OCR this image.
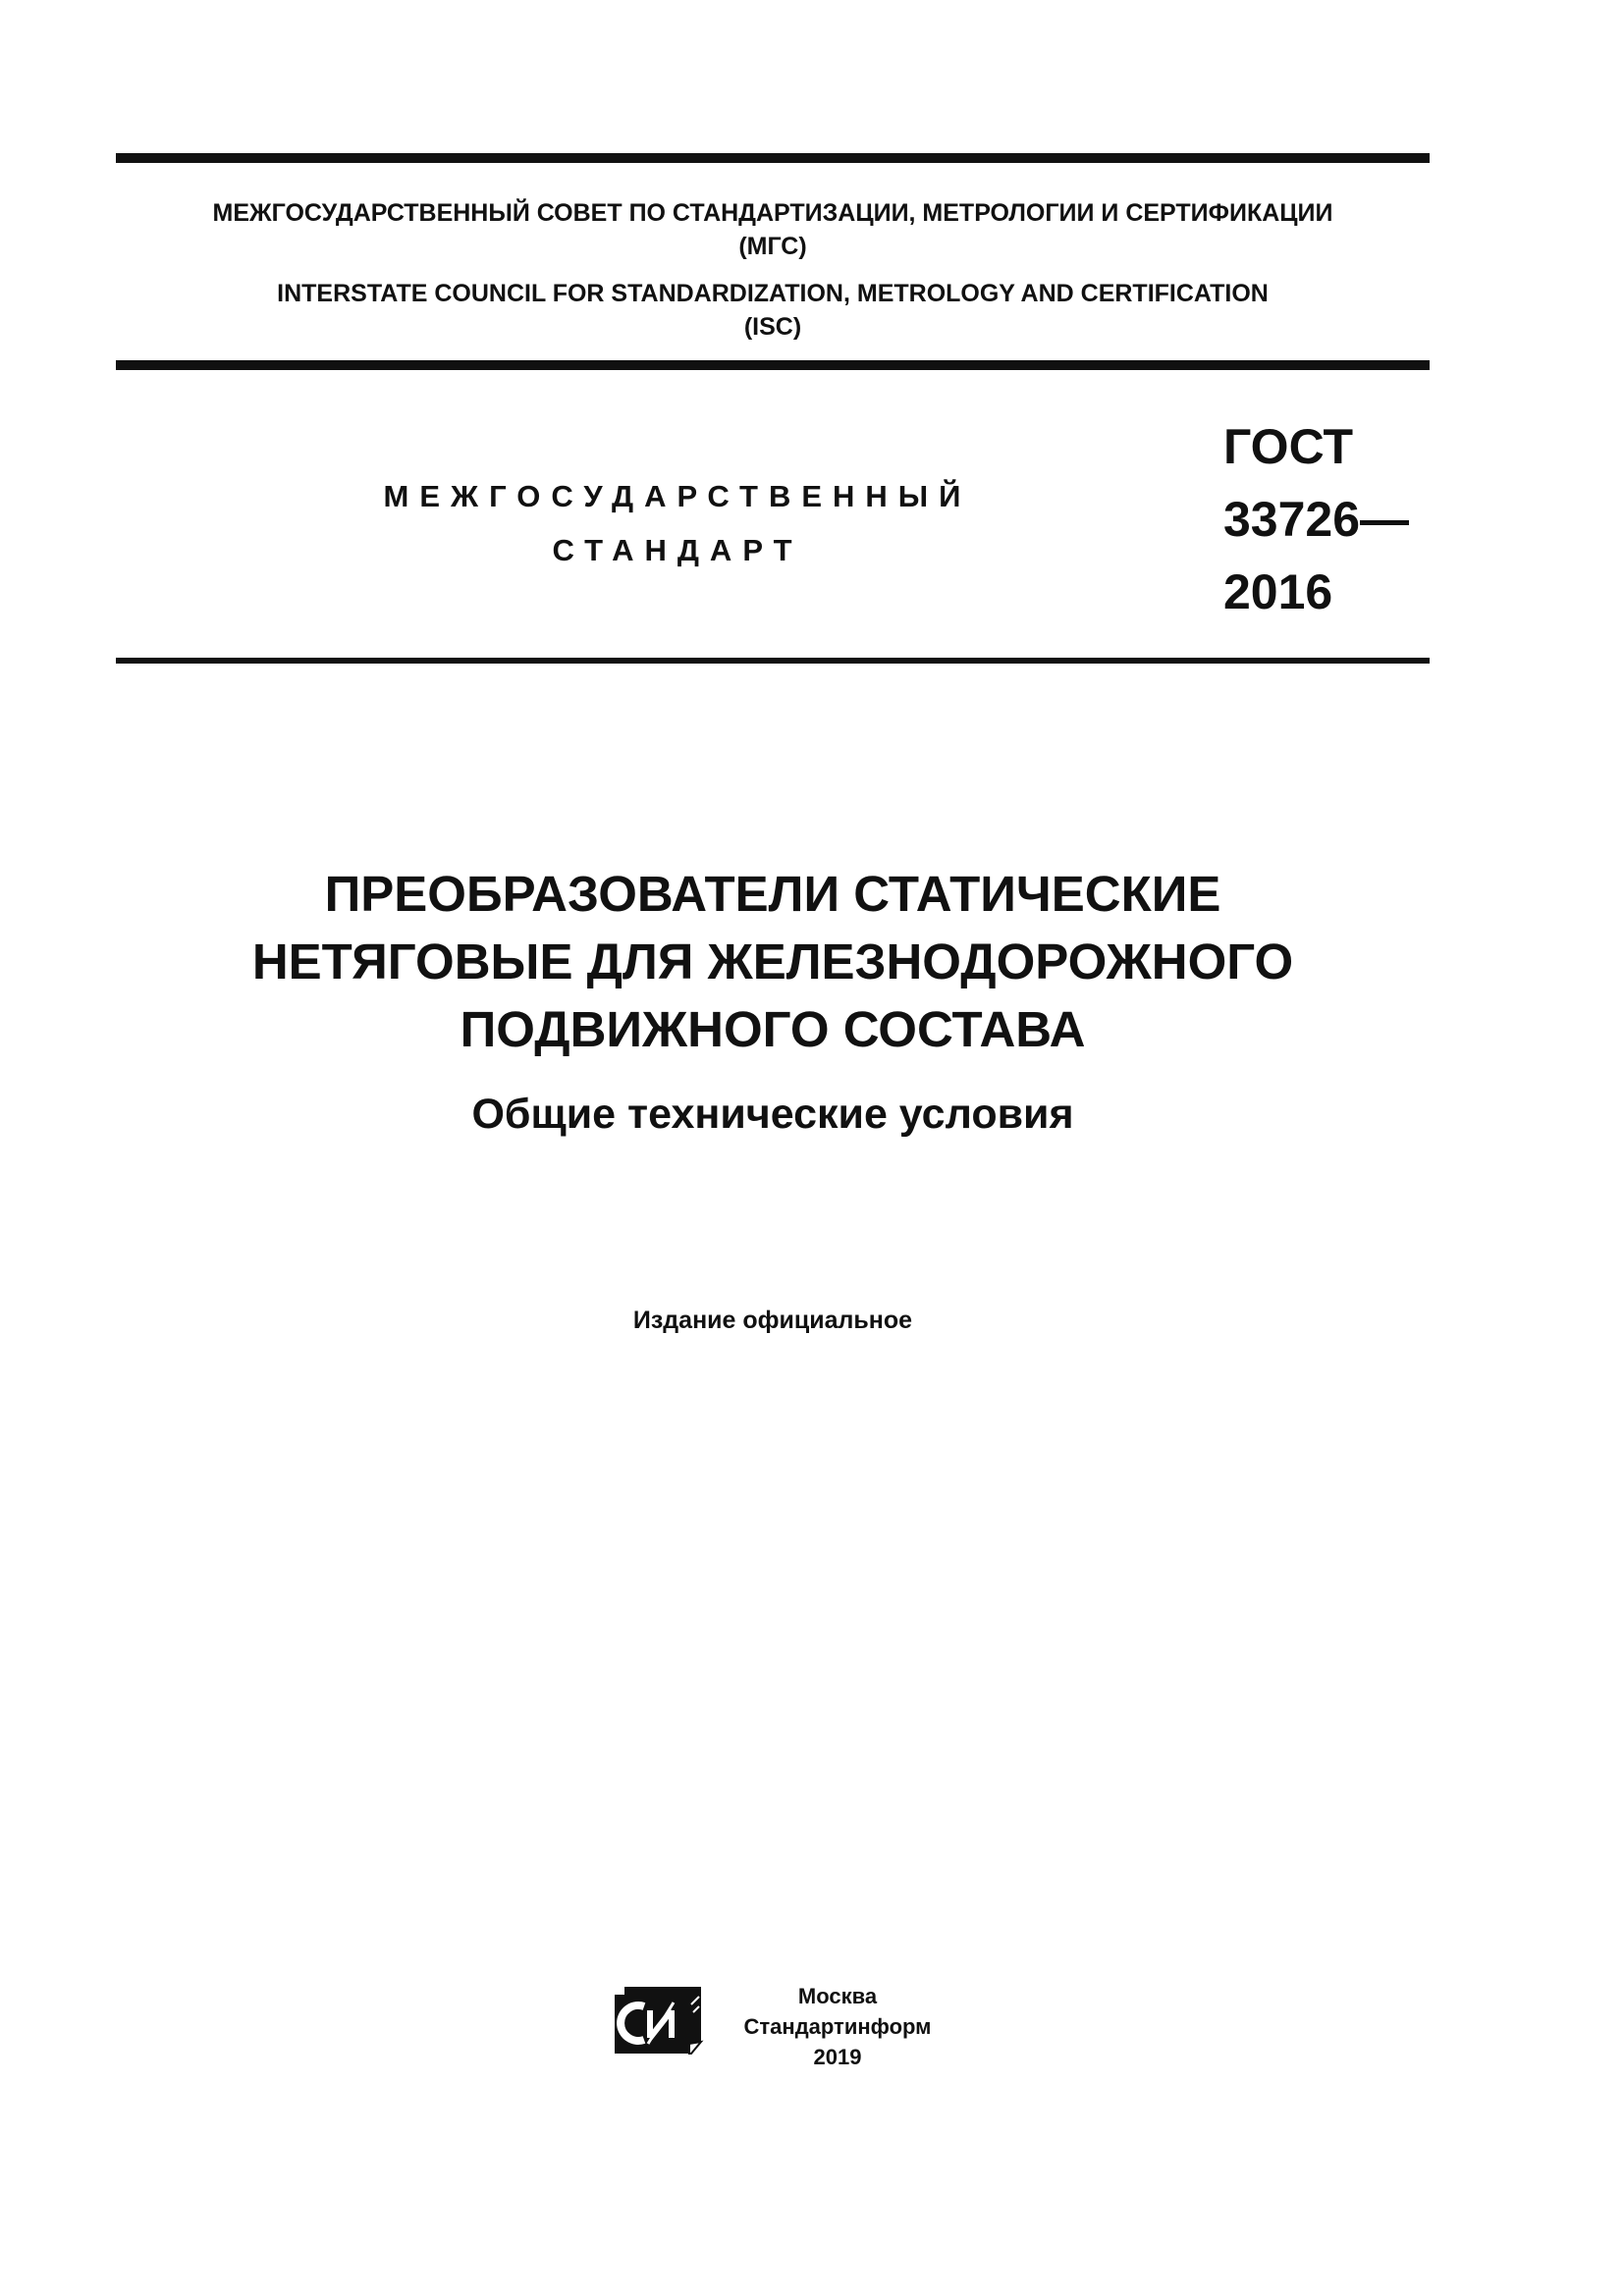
МЕЖГОСУДАРСТВЕННЫЙ СОВЕТ ПО СТАНДАРТИЗАЦИИ, МЕТРОЛОГИИ И СЕРТИФИКАЦИИ
(МГС)
INTERSTATE COUNCIL FOR STANDARDIZATION, METROLOGY AND CERTIFICATION
(ISC)
МЕЖГОСУДАРСТВЕННЫЙ
СТАНДАРТ
ГОСТ
33726—
2016
ПРЕОБРАЗОВАТЕЛИ СТАТИЧЕСКИЕ
НЕТЯГОВЫЕ ДЛЯ ЖЕЛЕЗНОДОРОЖНОГО
ПОДВИЖНОГО СОСТАВА
Общие технические условия
Издание официальное
Москва
Стандартинформ
2019
